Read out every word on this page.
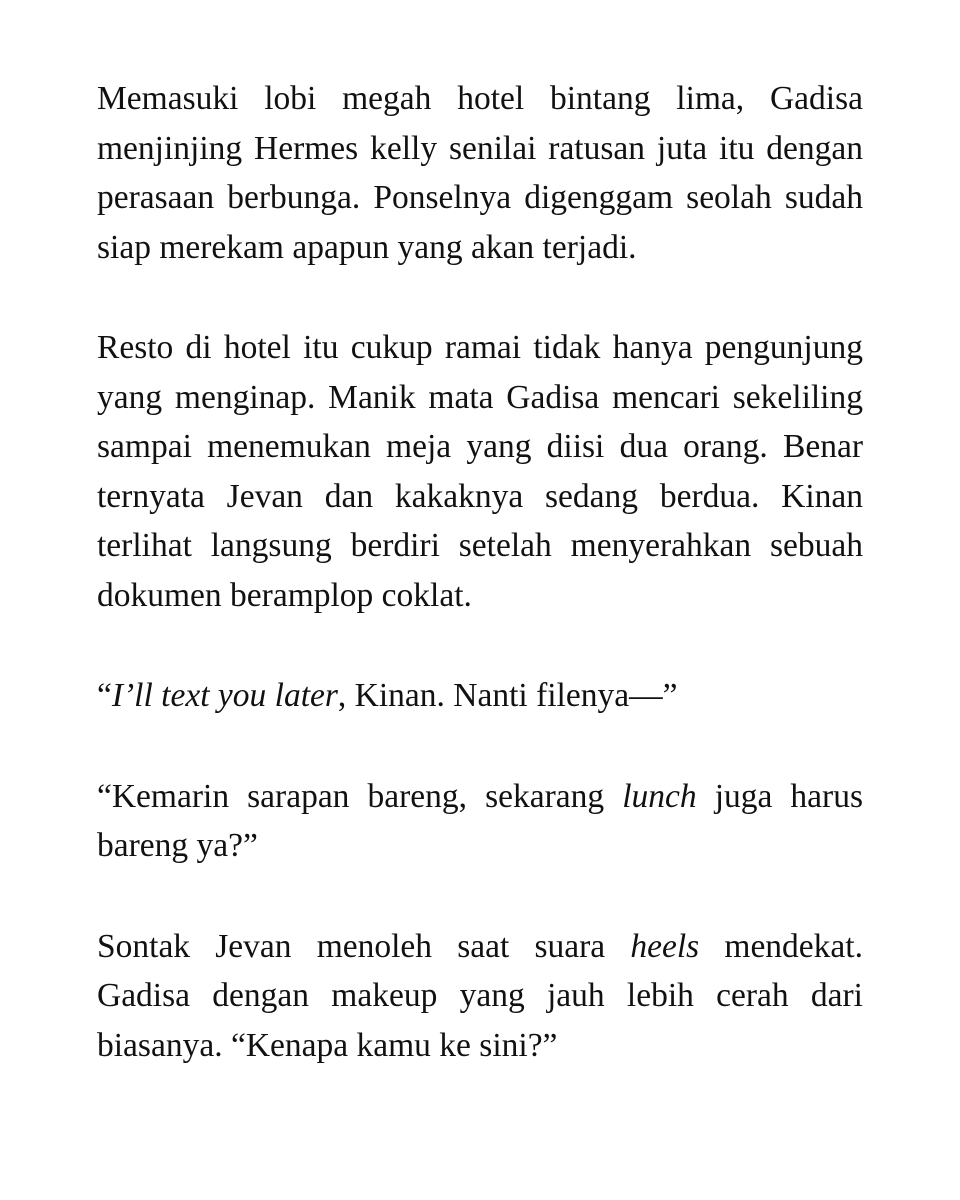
Memasuki lobi megah hotel bintang lima, Gadisa menjinjing Hermes kelly senilai ratusan juta itu dengan perasaan berbunga. Ponselnya digenggam seolah sudah siap merekam apapun yang akan terjadi.

Resto di hotel itu cukup ramai tidak hanya pengunjung yang menginap. Manik mata Gadisa mencari sekeliling sampai menemukan meja yang diisi dua orang. Benar ternyata Jevan dan kakaknya sedang berdua. Kinan terlihat langsung berdiri setelah menyerahkan sebuah dokumen beramplop coklat.

“I’ll text you later, Kinan. Nanti filenya—”

“Kemarin sarapan bareng, sekarang lunch juga harus bareng ya?”

Sontak Jevan menoleh saat suara heels mendekat. Gadisa dengan makeup yang jauh lebih cerah dari biasanya. “Kenapa kamu ke sini?”
